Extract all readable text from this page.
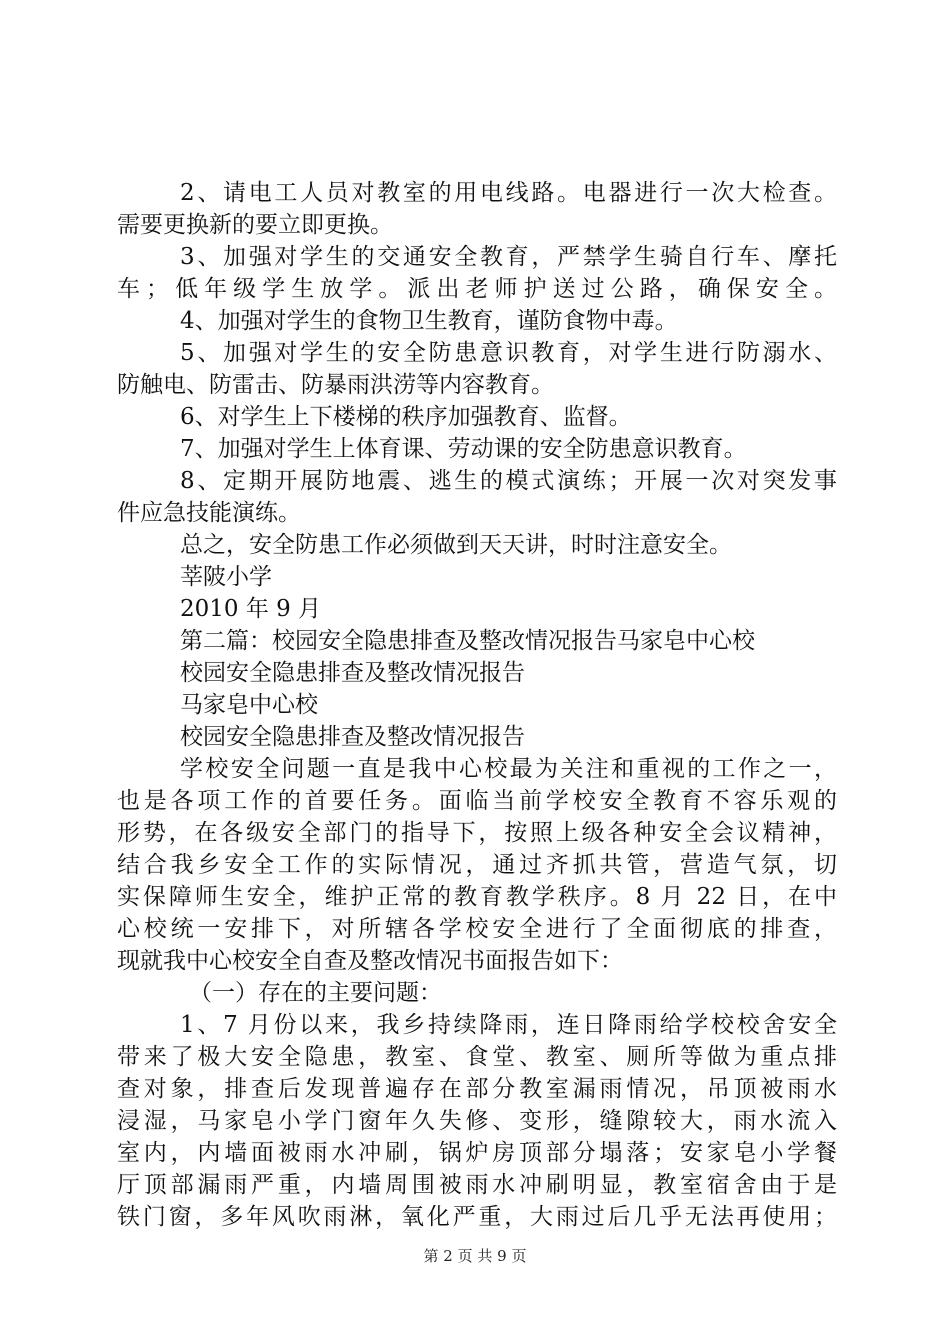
2、请电工人员对教室的用电线路。电器进行一次大检查。
需要更换新的要立即更换。
3、加强对学生的交通安全教育，严禁学生骑自行车、摩托
车；低年级学生放学。派出老师护送过公路，确保安全。
4、加强对学生的食物卫生教育，谨防食物中毒。
5、加强对学生的安全防患意识教育，对学生进行防溺水、
防触电、防雷击、防暴雨洪涝等内容教育。
6、对学生上下楼梯的秩序加强教育、监督。
7、加强对学生上体育课、劳动课的安全防患意识教育。
8、定期开展防地震、逃生的模式演练；开展一次对突发事
件应急技能演练。
总之，安全防患工作必须做到天天讲，时时注意安全。
莘陂小学
2010 年 9 月
第二篇：校园安全隐患排查及整改情况报告马家皂中心校
校园安全隐患排查及整改情况报告
马家皂中心校
校园安全隐患排查及整改情况报告
学校安全问题一直是我中心校最为关注和重视的工作之一，
也是各项工作的首要任务。面临当前学校安全教育不容乐观的
形势，在各级安全部门的指导下，按照上级各种安全会议精神，
结合我乡安全工作的实际情况，通过齐抓共管，营造气氛，切
实保障师生安全，维护正常的教育教学秩序。8 月 22 日，在中
心校统一安排下，对所辖各学校安全进行了全面彻底的排查，
现就我中心校安全自查及整改情况书面报告如下：
（一）存在的主要问题：
1、7 月份以来，我乡持续降雨，连日降雨给学校校舍安全
带来了极大安全隐患，教室、食堂、教室、厕所等做为重点排
查对象，排查后发现普遍存在部分教室漏雨情况，吊顶被雨水
浸湿，马家皂小学门窗年久失修、变形，缝隙较大，雨水流入
室内，内墙面被雨水冲刷，锅炉房顶部分塌落；安家皂小学餐
厅顶部漏雨严重，内墙周围被雨水冲刷明显，教室宿舍由于是
铁门窗，多年风吹雨淋，氧化严重，大雨过后几乎无法再使用；
第 2 页 共 9 页
